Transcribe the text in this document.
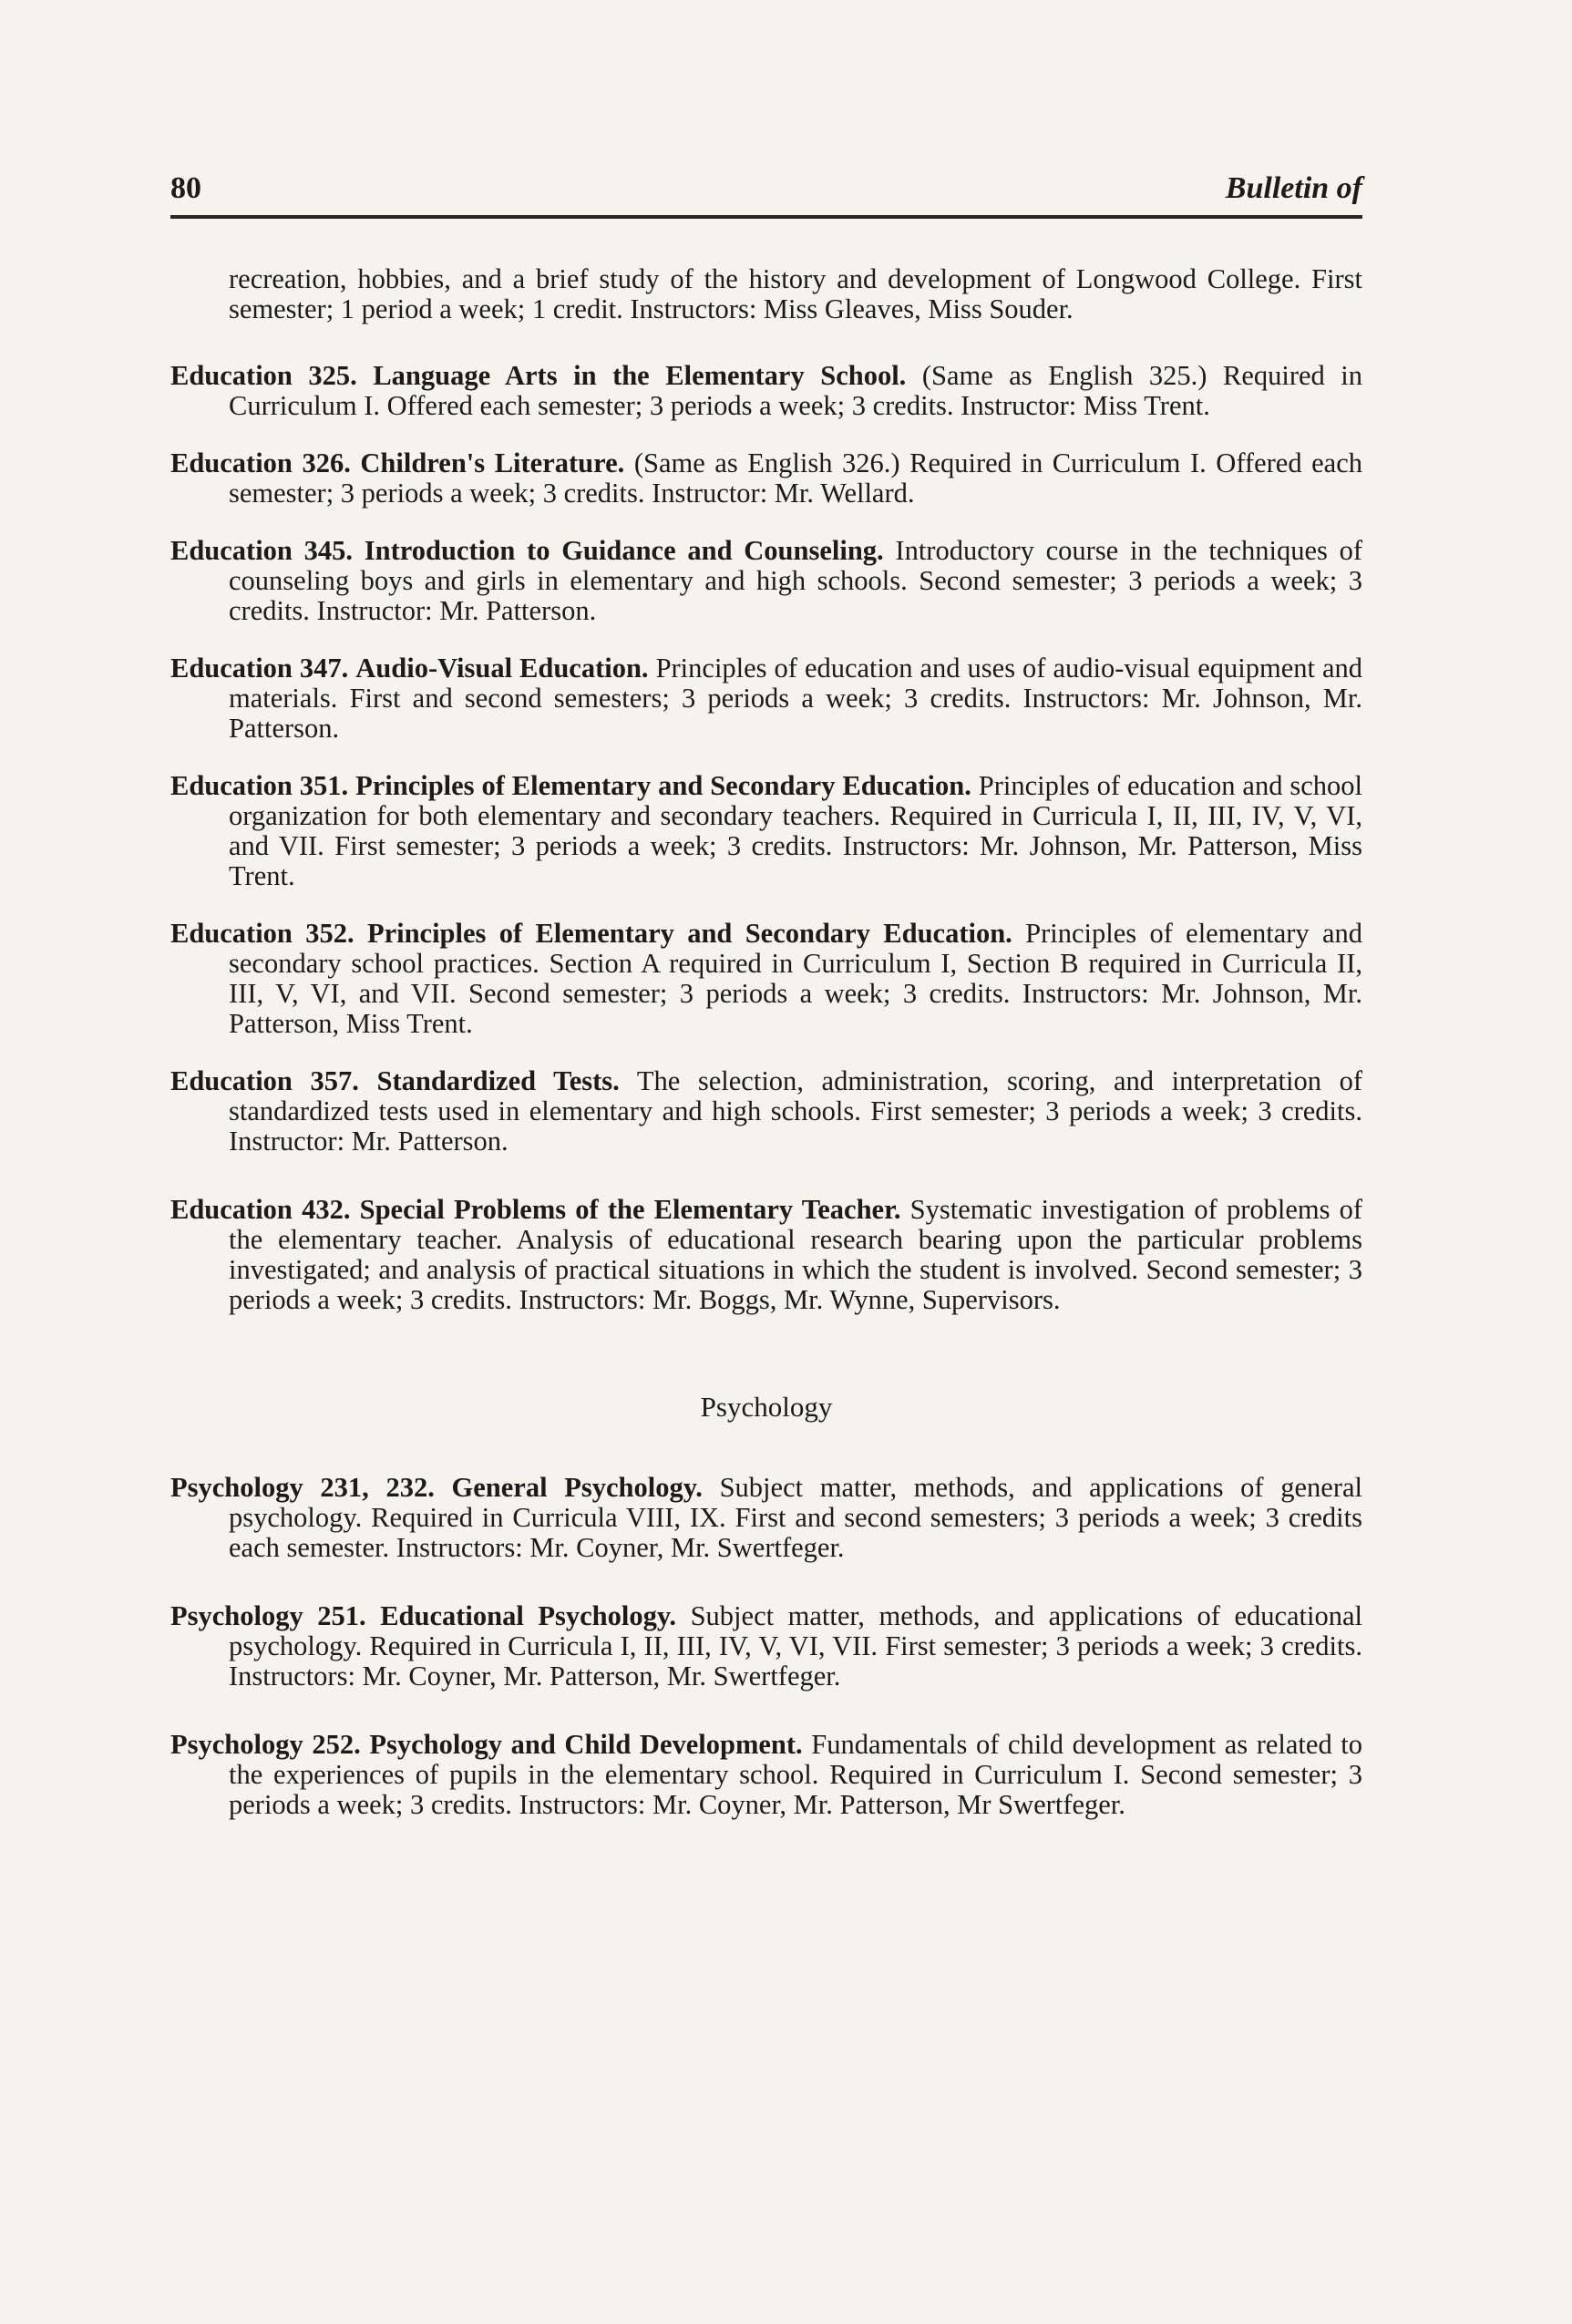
80	Bulletin of

recreation, hobbies, and a brief study of the history and development of Longwood College. First semester; 1 period a week; 1 credit. Instructors: Miss Gleaves, Miss Souder.

Education 325. Language Arts in the Elementary School. (Same as English 325.) Required in Curriculum I. Offered each semester; 3 periods a week; 3 credits. Instructor: Miss Trent.

Education 326. Children's Literature. (Same as English 326.) Required in Curriculum I. Offered each semester; 3 periods a week; 3 credits. Instructor: Mr. Wellard.

Education 345. Introduction to Guidance and Counseling. Introductory course in the techniques of counseling boys and girls in elementary and high schools. Second semester; 3 periods a week; 3 credits. Instructor: Mr. Patterson.

Education 347. Audio-Visual Education. Principles of education and uses of audio-visual equipment and materials. First and second semesters; 3 periods a week; 3 credits. Instructors: Mr. Johnson, Mr. Patterson.

Education 351. Principles of Elementary and Secondary Education. Principles of education and school organization for both elementary and secondary teachers. Required in Curricula I, II, III, IV, V, VI, and VII. First semester; 3 periods a week; 3 credits. Instructors: Mr. Johnson, Mr. Patterson, Miss Trent.

Education 352. Principles of Elementary and Secondary Education. Principles of elementary and secondary school practices. Section A required in Curriculum I, Section B required in Curricula II, III, V, VI, and VII. Second semester; 3 periods a week; 3 credits. Instructors: Mr. Johnson, Mr. Patterson, Miss Trent.

Education 357. Standardized Tests. The selection, administration, scoring, and interpretation of standardized tests used in elementary and high schools. First semester; 3 periods a week; 3 credits. Instructor: Mr. Patterson.

Education 432. Special Problems of the Elementary Teacher. Systematic investigation of problems of the elementary teacher. Analysis of educational research bearing upon the particular problems investigated; and analysis of practical situations in which the student is involved. Second semester; 3 periods a week; 3 credits. Instructors: Mr. Boggs, Mr. Wynne, Supervisors.

Psychology

Psychology 231, 232. General Psychology. Subject matter, methods, and applications of general psychology. Required in Curricula VIII, IX. First and second semesters; 3 periods a week; 3 credits each semester. Instructors: Mr. Coyner, Mr. Swertfeger.

Psychology 251. Educational Psychology. Subject matter, methods, and applications of educational psychology. Required in Curricula I, II, III, IV, V, VI, VII. First semester; 3 periods a week; 3 credits. Instructors: Mr. Coyner, Mr. Patterson, Mr. Swertfeger.

Psychology 252. Psychology and Child Development. Fundamentals of child development as related to the experiences of pupils in the elementary school. Required in Curriculum I. Second semester; 3 periods a week; 3 credits. Instructors: Mr. Coyner, Mr. Patterson, Mr Swertfeger.
